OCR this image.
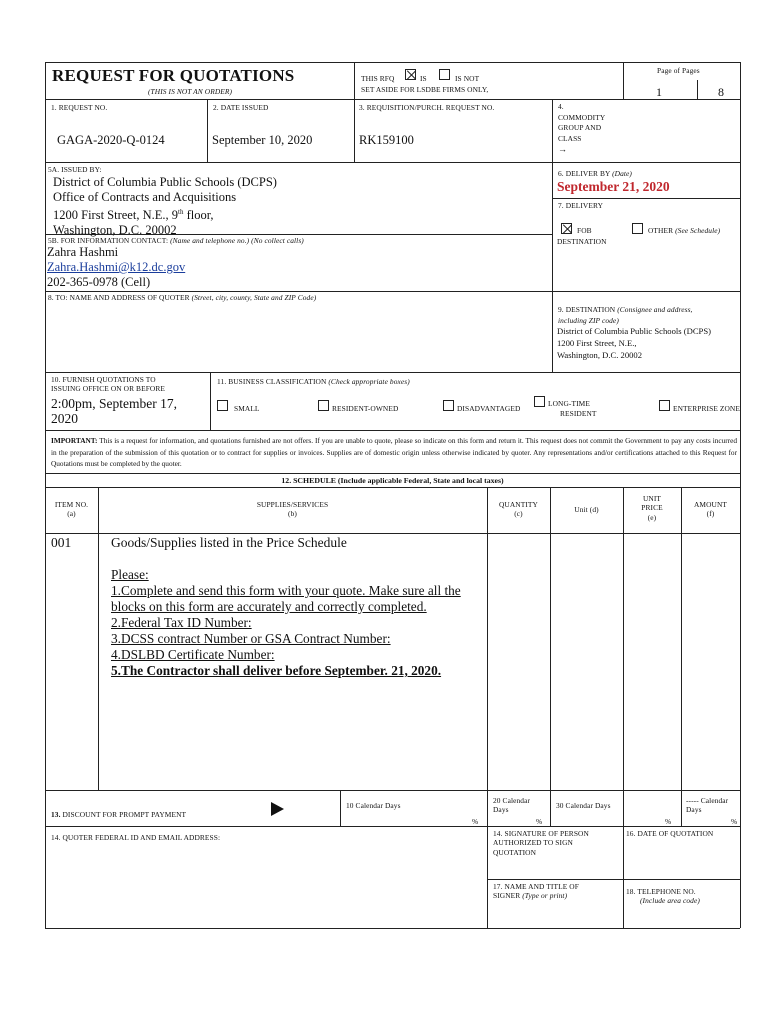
REQUEST FOR QUOTATIONS
(THIS IS NOT AN ORDER)
THIS RFQ	IS	IS NOT
SET ASIDE FOR LSDBE FIRMS ONLY,
Page of Pages
1	8
1. REQUEST NO.
GAGA-2020-Q-0124
2. DATE ISSUED
September 10, 2020
3. REQUISITION/PURCH. REQUEST NO.
RK159100
4.
COMMODITY
GROUP AND
CLASS
→
5A. ISSUED BY:
District of Columbia Public Schools (DCPS)
Office of Contracts and Acquisitions
1200 First Street, N.E., 9th floor,
Washington, D.C. 20002
5B. FOR INFORMATION CONTACT: (Name and telephone no.) (No collect calls)
Zahra Hashmi
Zahra.Hashmi@k12.dc.gov
202-365-0978 (Cell)
6. DELIVER BY (Date)
September 21, 2020
7. DELIVERY
FOB
DESTINATION
OTHER (See Schedule)
8. TO: NAME AND ADDRESS OF QUOTER (Street, city, county, State and ZIP Code)
9. DESTINATION (Consignee and address,
including ZIP code)
District of Columbia Public Schools (DCPS)
1200 First Street, N.E.,
Washington, D.C. 20002
10. FURNISH QUOTATIONS TO
ISSUING OFFICE ON OR BEFORE
2:00pm, September 17,
2020
11. BUSINESS CLASSIFICATION (Check appropriate boxes)
SMALL	RESIDENT-OWNED	DISADVANTAGED
LONG-TIME
RESIDENT
ENTERPRISE ZONE
IMPORTANT: This is a request for information, and quotations furnished are not offers. If you are unable to quote, please so indicate on this form and return it. This request does not commit the Government to pay any costs incurred in the preparation of the submission of this quotation or to contract for supplies or invoices. Supplies are of domestic origin unless otherwise indicated by quoter. Any representations and/or certifications attached to this Request for Quotations must be completed by the quoter.
12. SCHEDULE (Include applicable Federal, State and local taxes)
ITEM NO.
(a)
SUPPLIES/SERVICES
(b)
QUANTITY
(c)	Unit (d)
UNIT
PRICE
(e)
AMOUNT
(f)
001	Goods/Supplies listed in the Price Schedule
Please:
1.Complete and send this form with your quote. Make sure all the
blocks on this form are accurately and correctly completed.
2.Federal Tax ID Number:
3.DCSS contract Number or GSA Contract Number:
4.DSLBD Certificate Number:
5.The Contractor shall deliver before September. 21, 2020.
13. DISCOUNT FOR PROMPT PAYMENT
10 Calendar Days
%
20 Calendar
Days
%
30 Calendar Days
%
----- Calendar
Days
%
14. QUOTER FEDERAL ID AND EMAIL ADDRESS:	14. SIGNATURE OF PERSON
AUTHORIZED TO SIGN
QUOTATION
16. DATE OF QUOTATION
17. NAME AND TITLE OF
SIGNER (Type or print)	18. TELEPHONE NO.
(Include area code)
